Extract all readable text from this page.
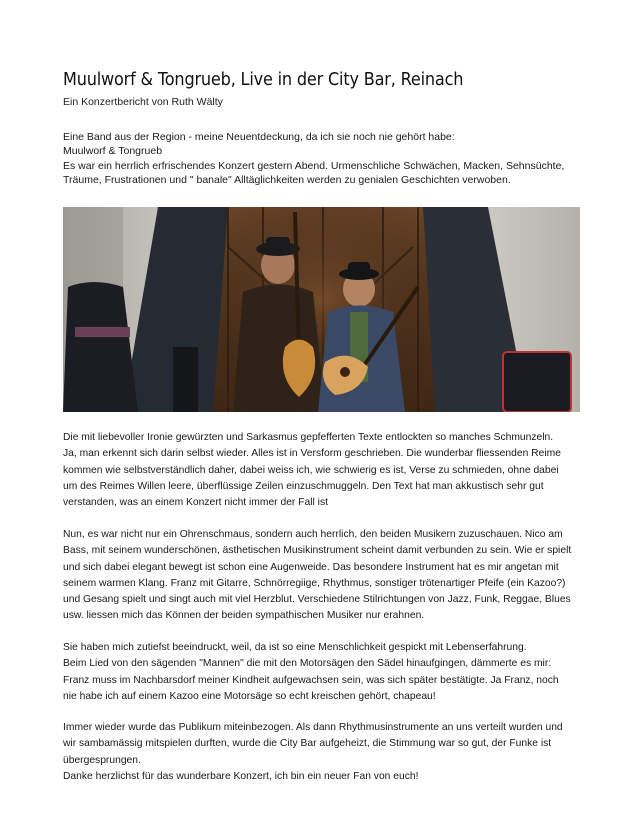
Muulworf & Tongrueb, Live in der City Bar, Reinach
Ein Konzertbericht von Ruth Wälty
Eine Band aus der Region - meine Neuentdeckung, da ich sie noch nie gehört habe:
Muulworf & Tongrueb
Es war ein herrlich erfrischendes Konzert gestern Abend. Urmenschliche Schwächen, Macken, Sehnsüchte,
Träume, Frustrationen und " banale" Alltäglichkeiten werden zu genialen Geschichten verwoben.
Die mit liebevoller Ironie gewürzten und Sarkasmus gepfefferten Texte entlockten so manches Schmunzeln.
Ja, man erkennt sich darin selbst wieder. Alles ist in Versform geschrieben. Die wunderbar fliessenden Reime
kommen wie selbstverständlich daher, dabei weiss ich, wie schwierig es ist, Verse zu schmieden, ohne dabei
um des Reimes Willen leere, überflüssige Zeilen einzuschmuggeln. Den Text hat man akkustisch sehr gut
verstanden, was an einem Konzert nicht immer der Fall ist
Nun, es war nicht nur ein Ohrenschmaus, sondern auch herrlich, den beiden Musikern zuzuschauen. Nico am
Bass, mit seinem wunderschönen, ästhetischen Musikinstrument scheint damit verbunden zu sein. Wie er spielt
und sich dabei elegant bewegt ist schon eine Augenweide. Das besondere Instrument hat es mir angetan mit
seinem warmen Klang. Franz mit Gitarre, Schnörregiige, Rhythmus, sonstiger trötenartiger Pfeife (ein Kazoo?)
und Gesang spielt und singt auch mit viel Herzblut. Verschiedene Stilrichtungen von Jazz, Funk, Reggae, Blues
usw. liessen mich das Können der beiden sympathischen Musiker nur erahnen.
Sie haben mich zutiefst beeindruckt, weil, da ist so eine Menschlichkeit gespickt mit Lebenserfahrung.
Beim Lied von den sägenden "Mannen" die mit den Motorsägen den Sädel hinaufgingen, dämmerte es mir:
Franz muss im Nachbarsdorf meiner Kindheit aufgewachsen sein, was sich später bestätigte. Ja Franz, noch
nie habe ich auf einem Kazoo eine Motorsäge so echt kreischen gehört, chapeau!
Immer wieder wurde das Publikum miteinbezogen. Als dann Rhythmusinstrumente an uns verteilt wurden und
wir sambamässig mitspielen durften, wurde die City Bar aufgeheizt, die Stimmung war so gut, der Funke ist
übergesprungen.
Danke herzlichst für das wunderbare Konzert, ich bin ein neuer Fan von euch!
